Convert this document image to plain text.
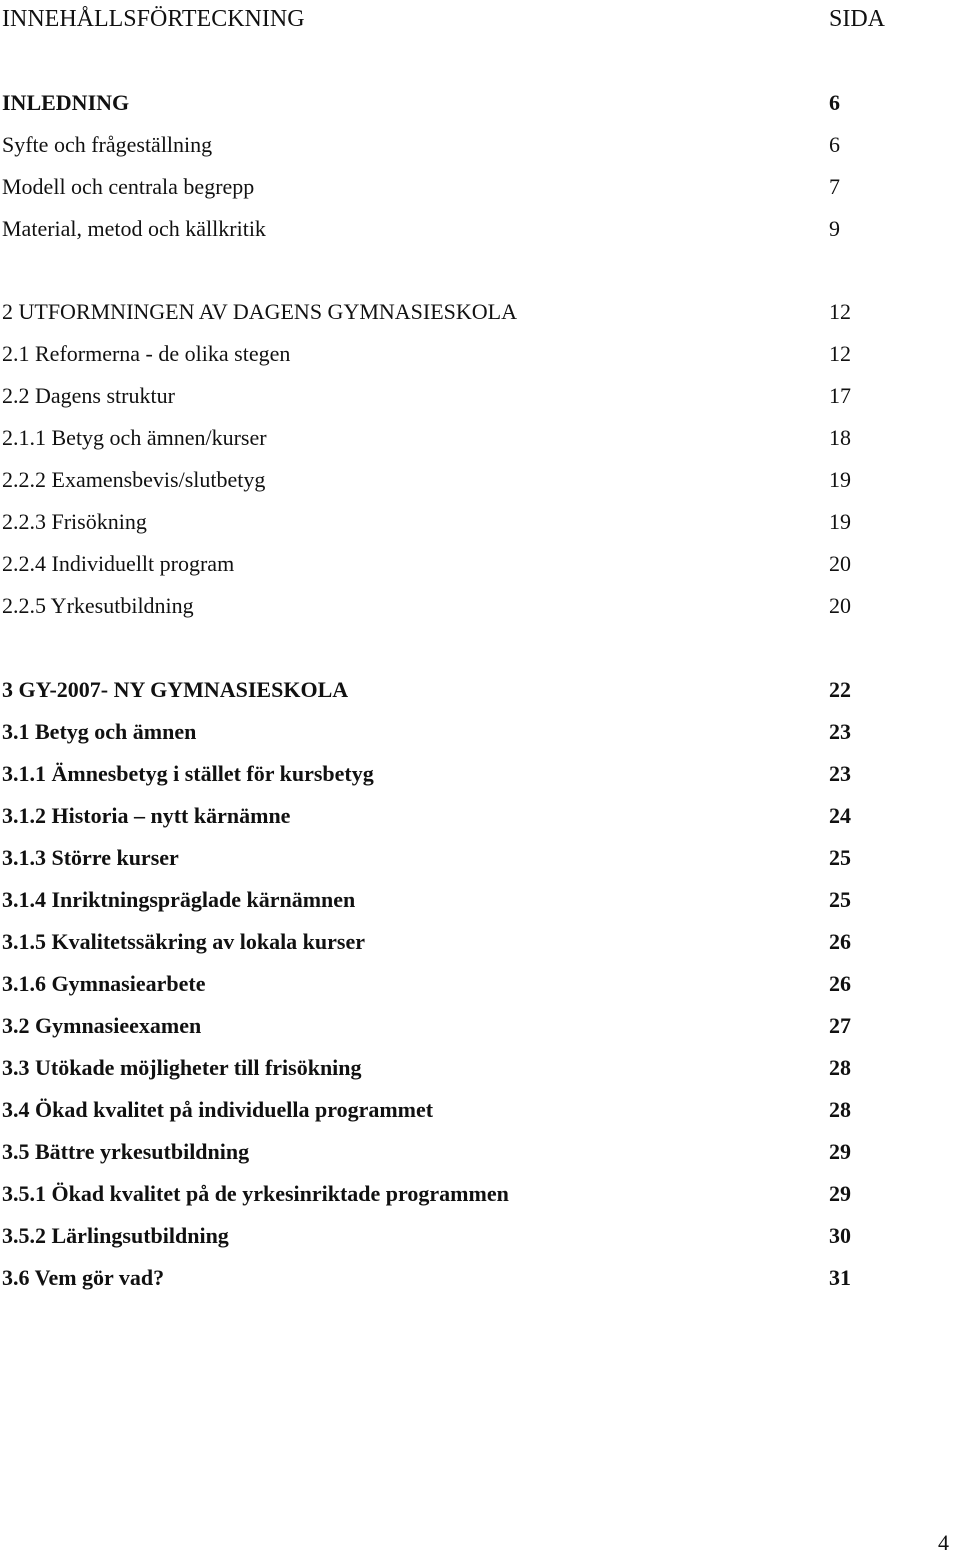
INNEHÅLLSFÖRTECKNING	SIDA
INLEDNING	6
Syfte och frågeställning	6
Modell och centrala begrepp	7
Material, metod och källkritik	9
2 UTFORMNINGEN AV DAGENS GYMNASIESKOLA	12
2.1 Reformerna - de olika stegen	12
2.2 Dagens struktur	17
2.1.1 Betyg och ämnen/kurser	18
2.2.2 Examensbevis/slutbetyg	19
2.2.3 Frisökning	19
2.2.4 Individuellt program	20
2.2.5 Yrkesutbildning	20
3 GY-2007- NY GYMNASIESKOLA	22
3.1 Betyg och ämnen	23
3.1.1 Ämnesbetyg i stället för kursbetyg	23
3.1.2 Historia – nytt kärnämne	24
3.1.3 Större kurser	25
3.1.4 Inriktningspräglade kärnämnen	25
3.1.5 Kvalitetssäkring av lokala kurser	26
3.1.6 Gymnasiearbete	26
3.2 Gymnasieexamen	27
3.3 Utökade möjligheter till frisökning	28
3.4 Ökad kvalitet på individuella programmet	28
3.5 Bättre yrkesutbildning	29
3.5.1 Ökad kvalitet på de yrkesinriktade programmen	29
3.5.2 Lärlingsutbildning	30
3.6 Vem gör vad?	31
4
